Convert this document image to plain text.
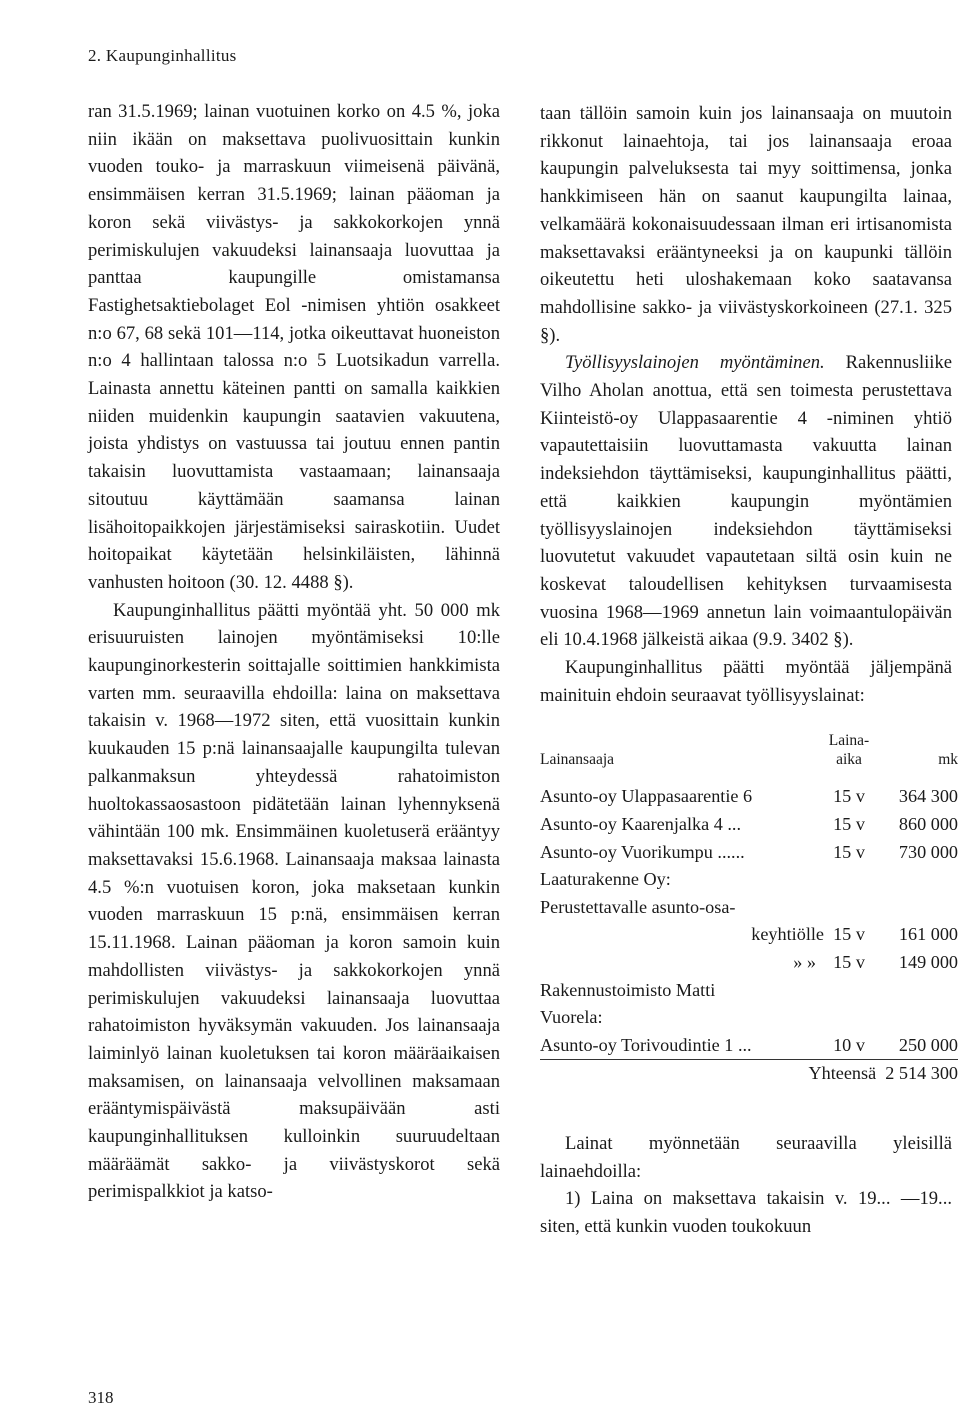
2. Kaupunginhallitus

ran 31.5.1969; lainan vuotuinen korko on 4.5 %, joka niin ikään on maksettava puolivuosittain kunkin vuoden touko- ja marraskuun viimeisenä päivänä, ensimmäisen kerran 31.5.1969; lainan pääoman ja koron sekä viivästys- ja sakkokorkojen ynnä perimiskulujen vakuudeksi lainansaaja luovuttaa ja panttaa kaupungille omistamansa Fastighetsaktiebolaget Eol -nimisen yhtiön osakkeet n:o 67, 68 sekä 101—114, jotka oikeuttavat huoneiston n:o 4 hallintaan talossa n:o 5 Luotsikadun varrella. Lainasta annettu käteinen pantti on samalla kaikkien niiden muidenkin kaupungin saatavien vakuutena, joista yhdistys on vastuussa tai joutuu ennen pantin takaisin luovuttamista vastaamaan; lainansaaja sitoutuu käyttämään saamansa lainan lisähoitopaikkojen järjestämiseksi sairaskotiin. Uudet hoitopaikat käytetään helsinkiläisten, lähinnä vanhusten hoitoon (30. 12. 4488 §).

Kaupunginhallitus päätti myöntää yht. 50 000 mk erisuuruisten lainojen myöntämiseksi 10:lle kaupunginorkesterin soittajalle soittimien hankkimista varten mm. seuraavilla ehdoilla: laina on maksettava takaisin v. 1968—1972 siten, että vuosittain kunkin kuukauden 15 p:nä lainansaajalle kaupungilta tulevan palkanmaksun yhteydessä rahatoimiston huoltokassaosastoon pidätetään lainan lyhennyksenä vähintään 100 mk. Ensimmäinen kuoletuserä erääntyy maksettavaksi 15.6.1968. Lainansaaja maksaa lainasta 4.5 %:n vuotuisen koron, joka maksetaan kunkin vuoden marraskuun 15 p:nä, ensimmäisen kerran 15.11.1968. Lainan pääoman ja koron samoin kuin mahdollisten viivästys- ja sakkokorkojen ynnä perimiskulujen vakuudeksi lainansaaja luovuttaa rahatoimiston hyväksymän vakuuden. Jos lainansaaja laiminlyö lainan kuoletuksen tai koron määräaikaisen maksamisen, on lainansaaja velvollinen maksamaan erääntymispäivästä maksupäivään asti kaupunginhallituksen kulloinkin suuruudeltaan määräämät sakko- ja viivästyskorot sekä perimispalkkiot ja katso-

taan tällöin samoin kuin jos lainansaaja on muutoin rikkonut lainaehtoja, tai jos lainansaaja eroaa kaupungin palveluksesta tai myy soittimensa, jonka hankkimiseen hän on saanut kaupungilta lainaa, velkamäärä kokonaisuudessaan ilman eri irtisanomista maksettavaksi erääntyneeksi ja on kaupunki tällöin oikeutettu heti uloshakemaan koko saatavansa mahdollisine sakko- ja viivästyskorkoineen (27.1. 325 §).

Työllisyyslainojen myöntäminen. Rakennusliike Vilho Aholan anottua, että sen toimesta perustettava Kiinteistö-oy Ulappasaarentie 4 -niminen yhtiö vapautettaisiin luovuttamasta vakuutta lainan indeksiehdon täyttämiseksi, kaupunginhallitus päätti, että kaikkien kaupungin myöntämien työllisyyslainojen indeksiehdon täyttämiseksi luovutetut vakuudet vapautetaan siltä osin kuin ne koskevat taloudellisen kehityksen turvaamisesta vuosina 1968—1969 annetun lain voimaantulopäivän eli 10.4.1968 jälkeistä aikaa (9.9. 3402 §).

Kaupunginhallitus päätti myöntää jäljempänä mainituin ehdoin seuraavat työllisyyslainat:

Lainansaaja	Laina-aika	mk
Asunto-oy Ulappasaarentie 6	15 v	364 300
Asunto-oy Kaarenjalka 4 ...	15 v	860 000
Asunto-oy Vuorikumpu ......	15 v	730 000
Laaturakenne Oy:		
Perustettavalle asunto-osa-		
keyhtiölle	15 v	161 000
» »	15 v	149 000
Rakennustoimisto Matti		
Vuorela:		
Asunto-oy Torivoudintie 1 ...	10 v	250 000
Yhteensä 2 514 300		

Lainat myönnetään seuraavilla yleisillä lainaehdoilla:

1) Laina on maksettava takaisin v. 19... —19... siten, että kunkin vuoden toukokuun

318
